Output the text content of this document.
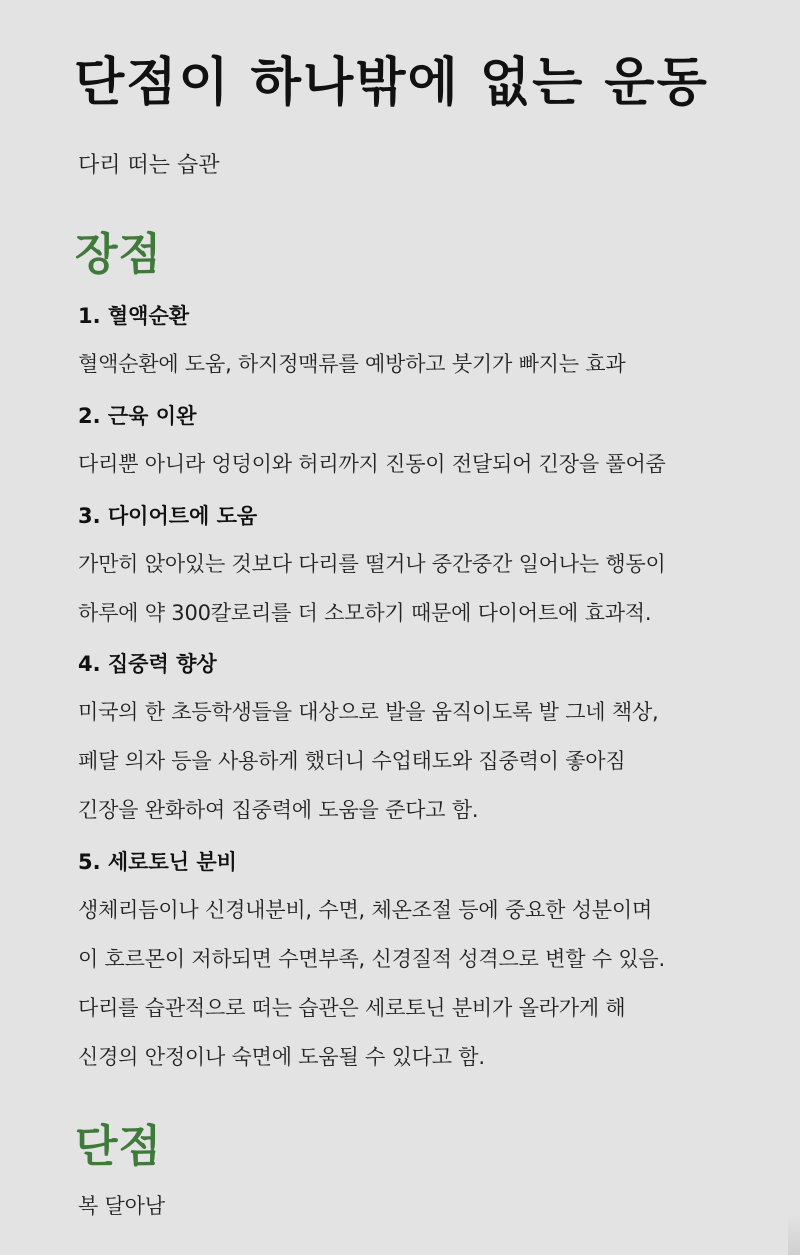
단점이 하나밖에 없는 운동

다리 떠는 습관

장점
1. 혈액순환

혈액순환에 도움, 하지정맥류를 예방하고 붓기가 빠지는 효과

2. 근육 이완

다리뿐 아니라 엉덩이와 허리까지 진동이 전달되어 긴장을 풀어줌

3. 다이어트에 도움

가만히 앉아있는 것보다 다리를 떨거나 중간중간 일어나는 행동이

하루에 약 300칼로리를 더 소모하기 때문에 다이어트에 효과적.

4. 집중력 향상

미국의 한 초등학생들을 대상으로 발을 움직이도록 발 그네 책상,

페달 의자 등을 사용하게 했더니 수업태도와 집중력이 좋아짐

긴장을 완화하여 집중력에 도움을 준다고 함.

5. 세로토닌 분비

생체리듬이나 신경내분비, 수면, 체온조절 등에 중요한 성분이며

이 호르몬이 저하되면 수면부족, 신경질적 성격으로 변할 수 있음.

다리를 습관적으로 떠는 습관은 세로토닌 분비가 올라가게 해

신경의 안정이나 숙면에 도움될 수 있다고 함.

단점

복 달아남
